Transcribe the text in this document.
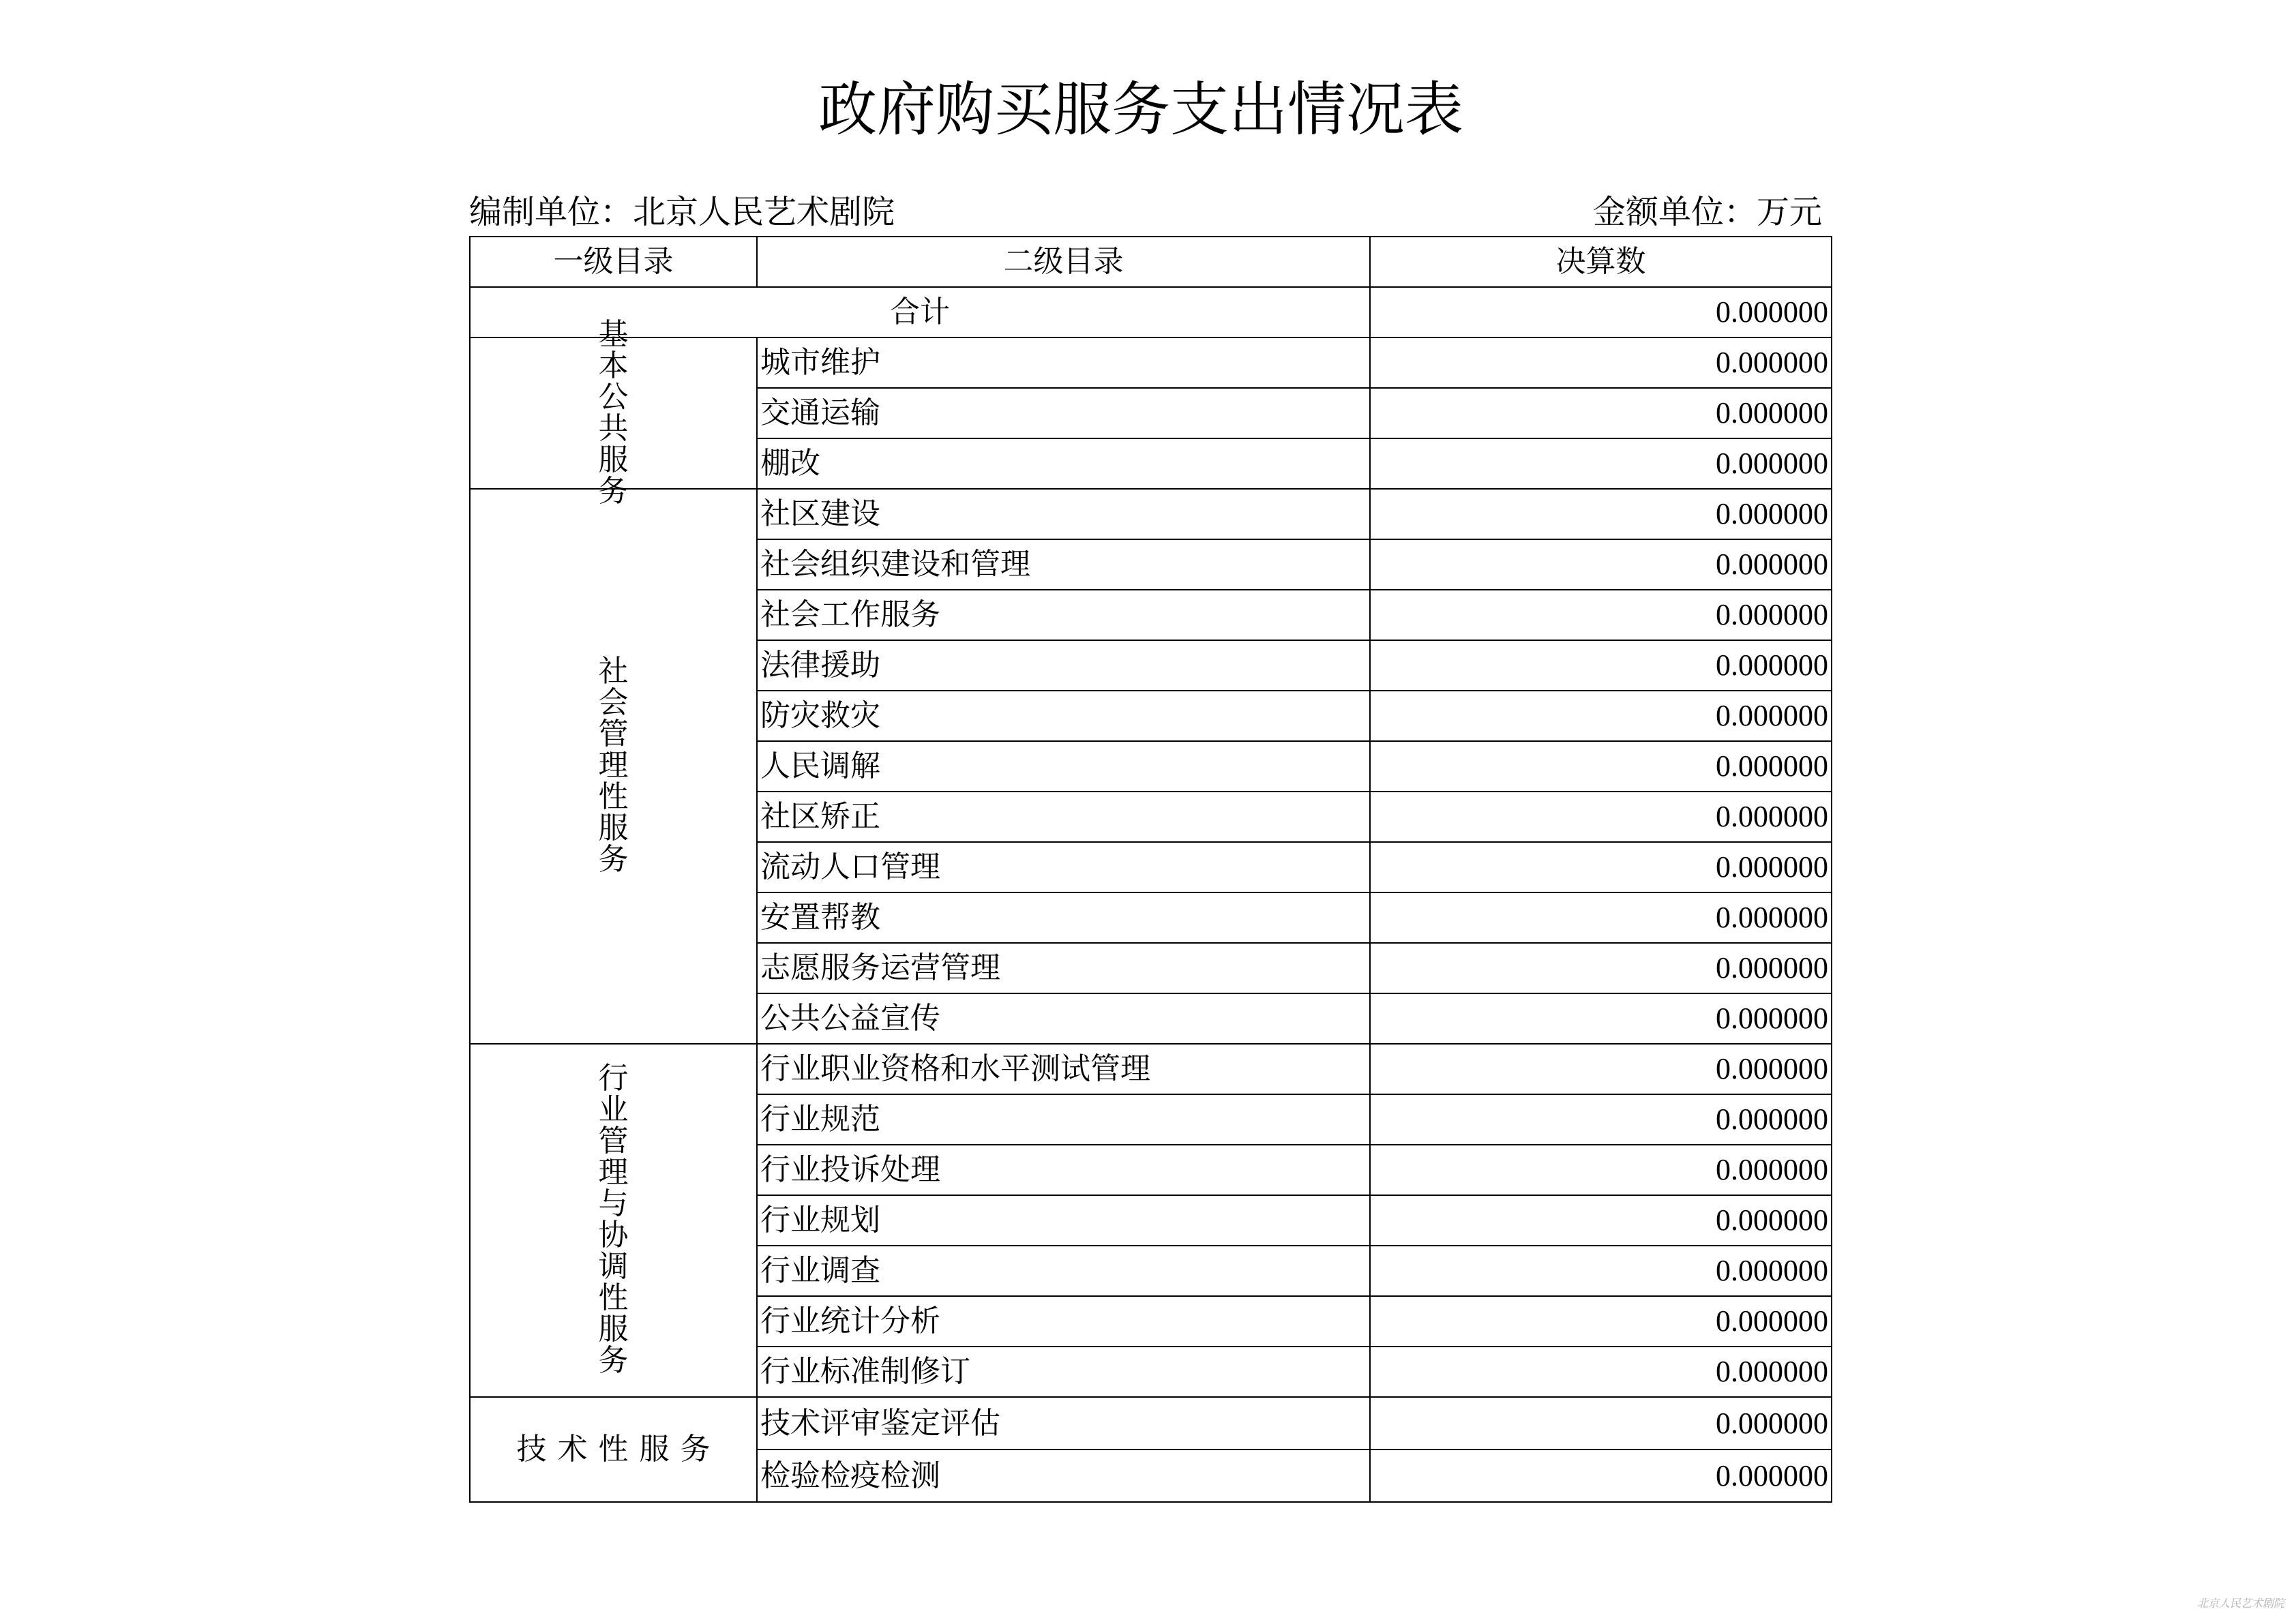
政府购买服务支出情况表
编制单位：北京人民艺术剧院	金额单位：万元
一级目录	二级目录	决算数
合计		0.000000

基本公共服务	城市维护	0.000000
	交通运输	0.000000
	棚改	0.000000
社会管理性服务	社区建设	0.000000
	社会组织建设和管理	0.000000
	社会工作服务	0.000000
	法律援助	0.000000
	防灾救灾	0.000000
	人民调解	0.000000
	社区矫正	0.000000
	流动人口管理	0.000000
	安置帮教	0.000000
	志愿服务运营管理	0.000000
	公共公益宣传	0.000000
行业管理与协调性服务	行业职业资格和水平测试管理	0.000000
	行业规范	0.000000
	行业投诉处理	0.000000
	行业规划	0.000000
	行业调查	0.000000
	行业统计分析	0.000000
	行业标准制修订	0.000000
技术性服务	技术评审鉴定评估	0.000000
	检验检疫检测	0.000000
北京人民艺术剧院
